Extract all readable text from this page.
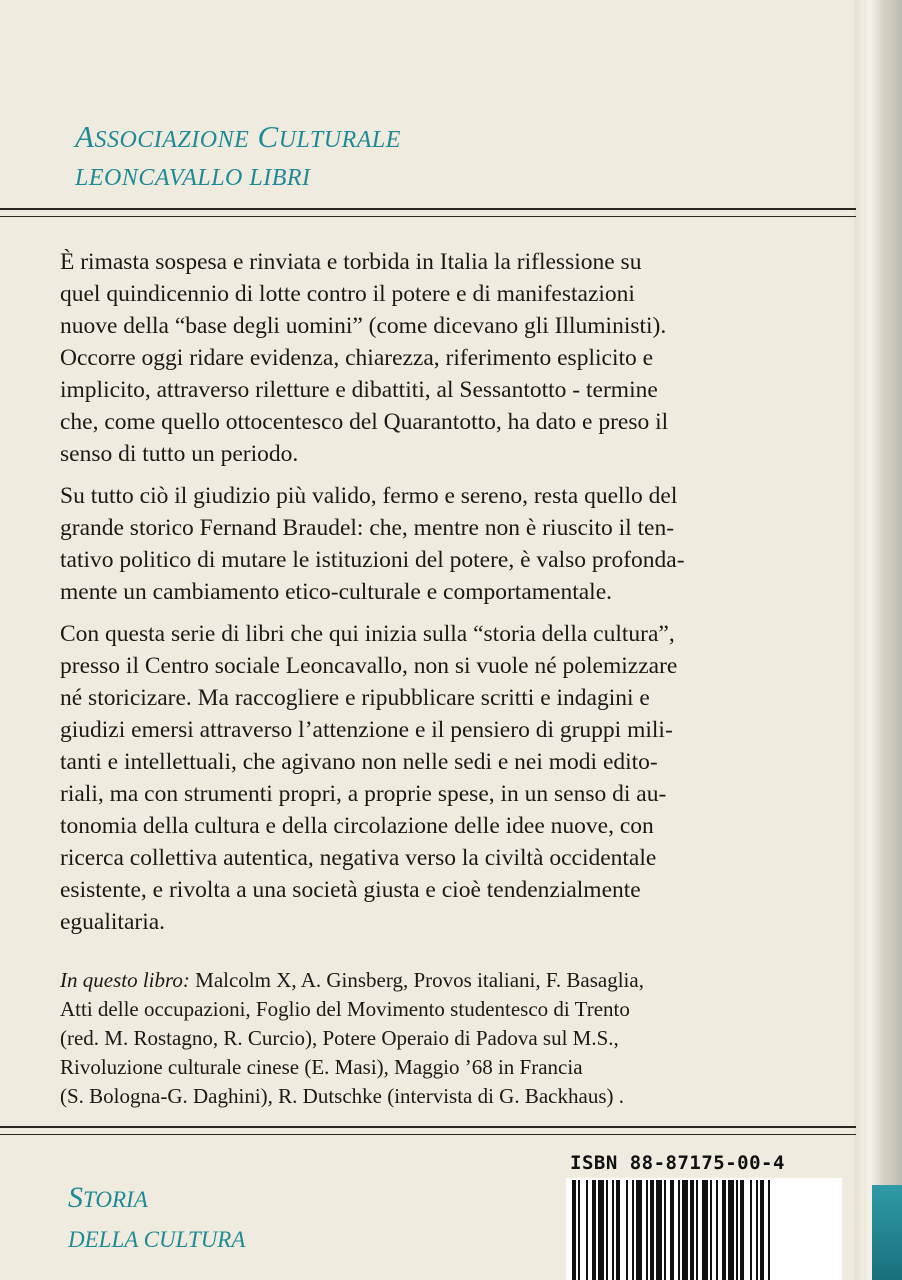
ASSOCIAZIONE CULTURALE
LEONCAVALLO LIBRI

È rimasta sospesa e rinviata e torbida in Italia la riflessione su
quel quindicennio di lotte contro il potere e di manifestazioni
nuove della “base degli uomini” (come dicevano gli Illuministi).
Occorre oggi ridare evidenza, chiarezza, riferimento esplicito e
implicito, attraverso riletture e dibattiti, al Sessantotto - termine
che, come quello ottocentesco del Quarantotto, ha dato e preso il
senso di tutto un periodo.

Su tutto ciò il giudizio più valido, fermo e sereno, resta quello del
grande storico Fernand Braudel: che, mentre non è riuscito il ten-
tativo politico di mutare le istituzioni del potere, è valso profonda-
mente un cambiamento etico-culturale e comportamentale.

Con questa serie di libri che qui inizia sulla “storia della cultura”,
presso il Centro sociale Leoncavallo, non si vuole né polemizzare
né storicizare. Ma raccogliere e ripubblicare scritti e indagini e
giudizi emersi attraverso l’attenzione e il pensiero di gruppi mili-
tanti e intellettuali, che agivano non nelle sedi e nei modi edito-
riali, ma con strumenti propri, a proprie spese, in un senso di au-
tonomia della cultura e della circolazione delle idee nuove, con
ricerca collettiva autentica, negativa verso la civiltà occidentale
esistente, e rivolta a una società giusta e cioè tendenzialmente
egualitaria.

In questo libro: Malcolm X, A. Ginsberg, Provos italiani, F. Basaglia,
Atti delle occupazioni, Foglio del Movimento studentesco di Trento
(red. M. Rostagno, R. Curcio), Potere Operaio di Padova sul M.S.,
Rivoluzione culturale cinese (E. Masi), Maggio ’68 in Francia
(S. Bologna-G. Daghini), R. Dutschke (intervista di G. Backhaus) .
STORIA
DELLA CULTURA
ISBN 88-87175-00-4
